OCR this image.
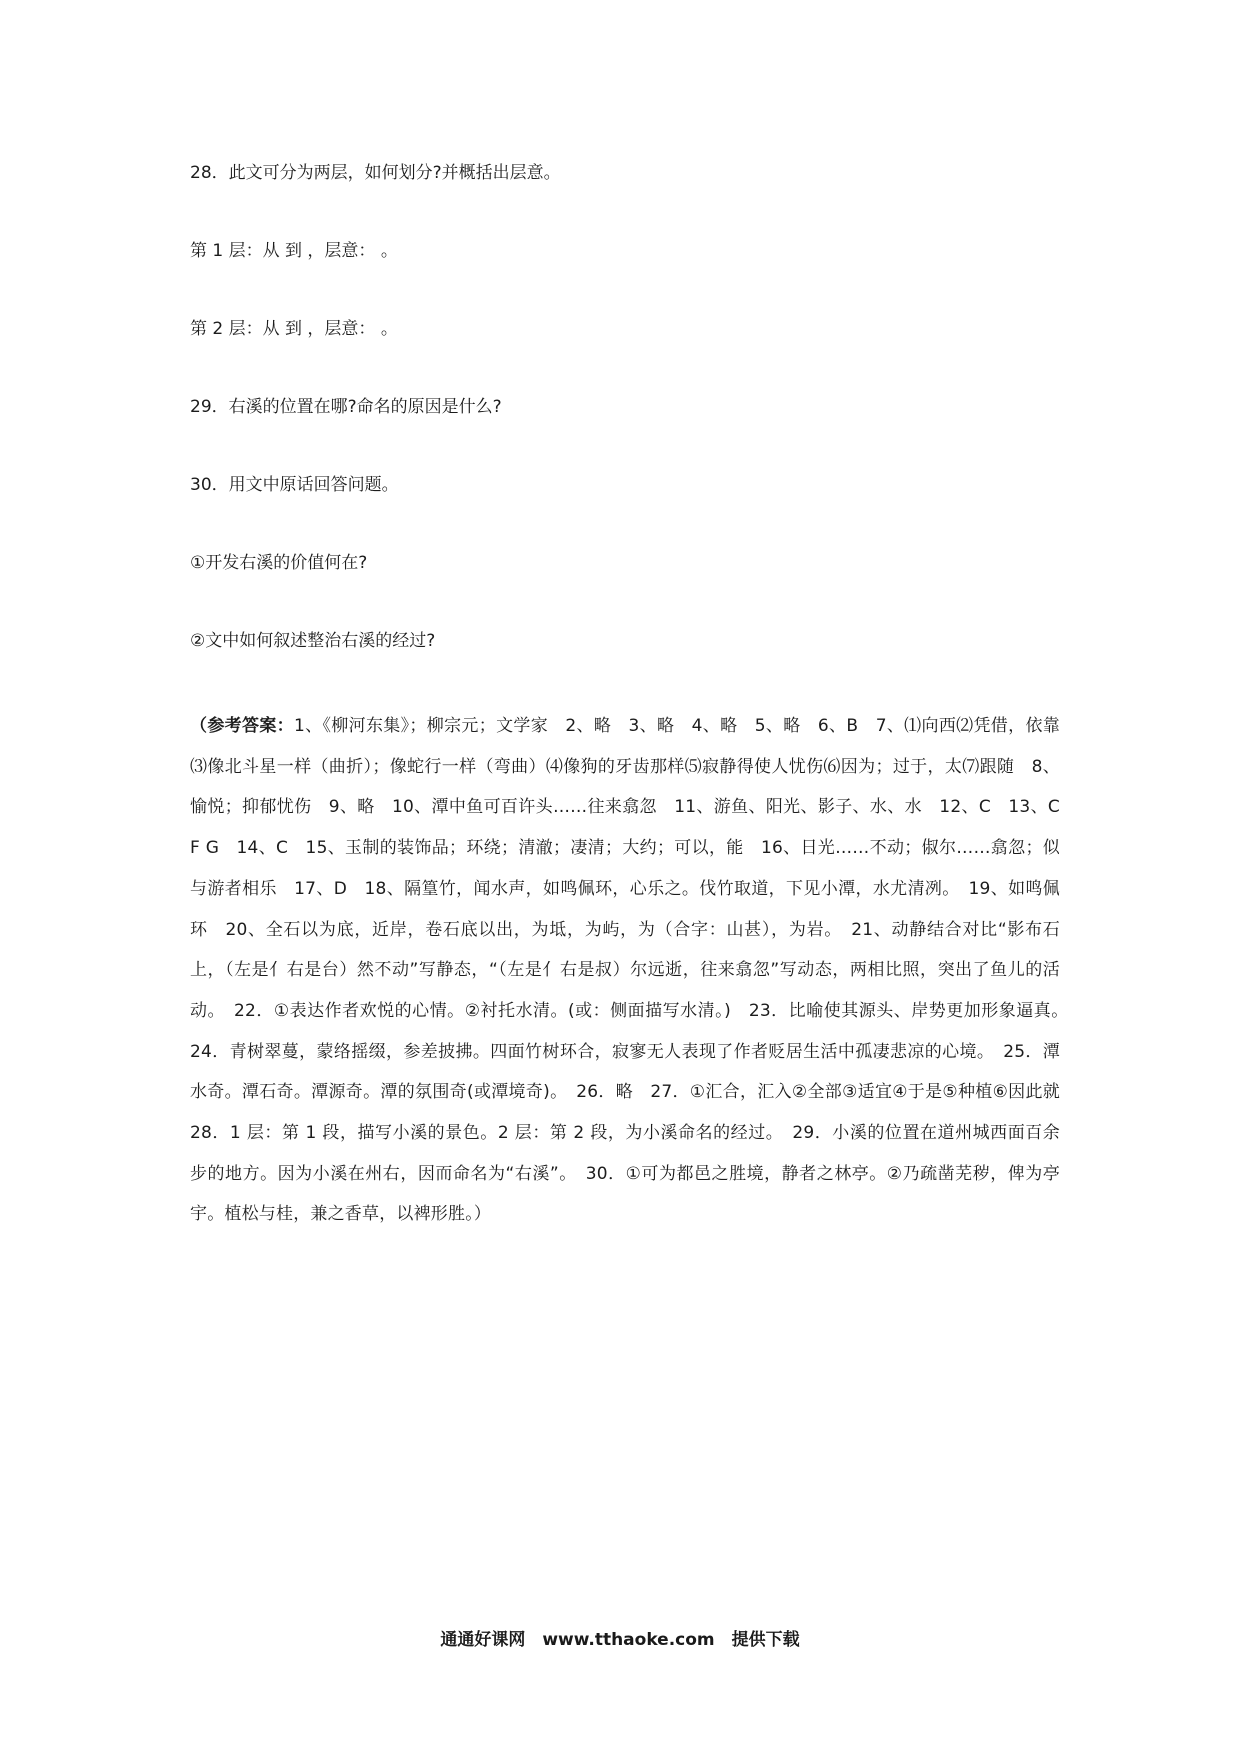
28．此文可分为两层，如何划分?并概括出层意。

第 1 层：从 到 ，层意： 。

第 2 层：从 到 ，层意： 。

29．右溪的位置在哪?命名的原因是什么?

30．用文中原话回答问题。

①开发右溪的价值何在?

②文中如何叙述整治右溪的经过?

（参考答案：1、《柳河东集》；柳宗元；文学家　2、略　3、略　4、略　5、略　6、B　7、⑴向西⑵凭借，依靠⑶像北斗星一样（曲折）；像蛇行一样（弯曲）⑷像狗的牙齿那样⑸寂静得使人忧伤⑹因为；过于，太⑺跟随　8、愉悦；抑郁忧伤　9、略　10、潭中鱼可百许头……往来翕忽　11、游鱼、阳光、影子、水、水　12、C　13、C F G　14、C　15、玉制的装饰品；环绕；清澈；凄清；大约；可以，能　16、日光……不动；俶尔……翕忽；似与游者相乐　17、D　18、隔篁竹，闻水声，如鸣佩环，心乐之。伐竹取道，下见小潭，水尤清冽。　19、如鸣佩环　20、全石以为底，近岸，卷石底以出，为坻，为屿，为（合字：山甚），为岩。　21、动静结合对比“影布石上，（左是亻右是台）然不动”写静态，“（左是亻右是叔）尔远逝，往来翕忽”写动态，两相比照，突出了鱼儿的活动。　22．①表达作者欢悦的心情。②衬托水清。(或：侧面描写水清。)　23．比喻使其源头、岸势更加形象逼真。　24．青树翠蔓，蒙络摇缀，参差披拂。四面竹树环合，寂寥无人表现了作者贬居生活中孤凄悲凉的心境。　25．潭水奇。潭石奇。潭源奇。潭的氛围奇(或潭境奇)。　26．略　27．①汇合，汇入②全部③适宜④于是⑤种植⑥因此就　28．1 层：第 1 段，描写小溪的景色。2 层：第 2 段，为小溪命名的经过。　29．小溪的位置在道州城西面百余步的地方。因为小溪在州右，因而命名为“右溪”。　30．①可为都邑之胜境，静者之林亭。②乃疏凿芜秽，俾为亭宇。植松与桂，兼之香草，以裨形胜。）
通通好课网　www.tthaoke.com　提供下载
